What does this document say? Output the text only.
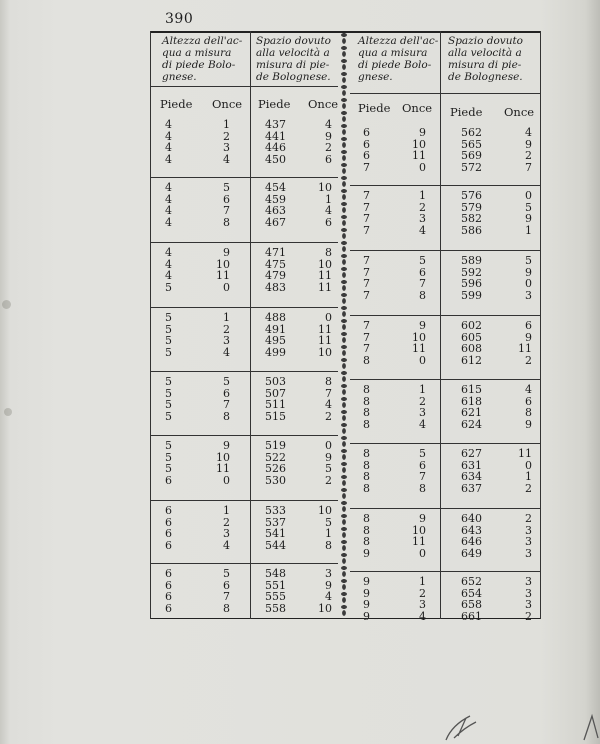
390
Altezza dell'ac-
qua a misura
di piede Bolo-
gnese.
Spazio dovuto
alla velocità a
misura di pie-
de Bolognese.
Altezza dell'ac-
qua a misura
di piede Bolo-
gnese.
Spazio dovuto
alla velocità a
misura di pie-
de Bolognese.
Piede Once Piede Once Piede Once Piede Once
4	1	437	4
4	2	441	9
4	3	446	2
4	4	450	6
4	5	454	10
4	6	459	1
4	7	463	4
4	8	467	6
4	9	471	8
4	10	475	10
4	11	479	11
5	0	483	11
5	1	488	0
5	2	491	11
5	3	495	11
5	4	499	10
5	5	503	8
5	6	507	7
5	7	511	4
5	8	515	2
5	9	519	0
5	10	522	9
5	11	526	5
6	0	530	2
6	1	533	10
6	2	537	5
6	3	541	1
6	4	544	8
6	5	548	3
6	6	551	9
6	7	555	4
6	8	558	10
6	9	562	4
6	10	565	9
6	11	569	2
7	0	572	7
7	1	576	0
7	2	579	5
7	3	582	9
7	4	586	1
7	5	589	5
7	6	592	9
7	7	596	0
7	8	599	3
7	9	602	6
7	10	605	9
7	11	608	11
8	0	612	2
8	1	615	4
8	2	618	6
8	3	621	8
8	4	624	9
8	5	627	11
8	6	631	0
8	7	634	1
8	8	637	2
8	9	640	2
8	10	643	3
8	11	646	3
9	0	649	3
9	1	652	3
9	2	654	3
9	3	658	3
9	4	661	2
